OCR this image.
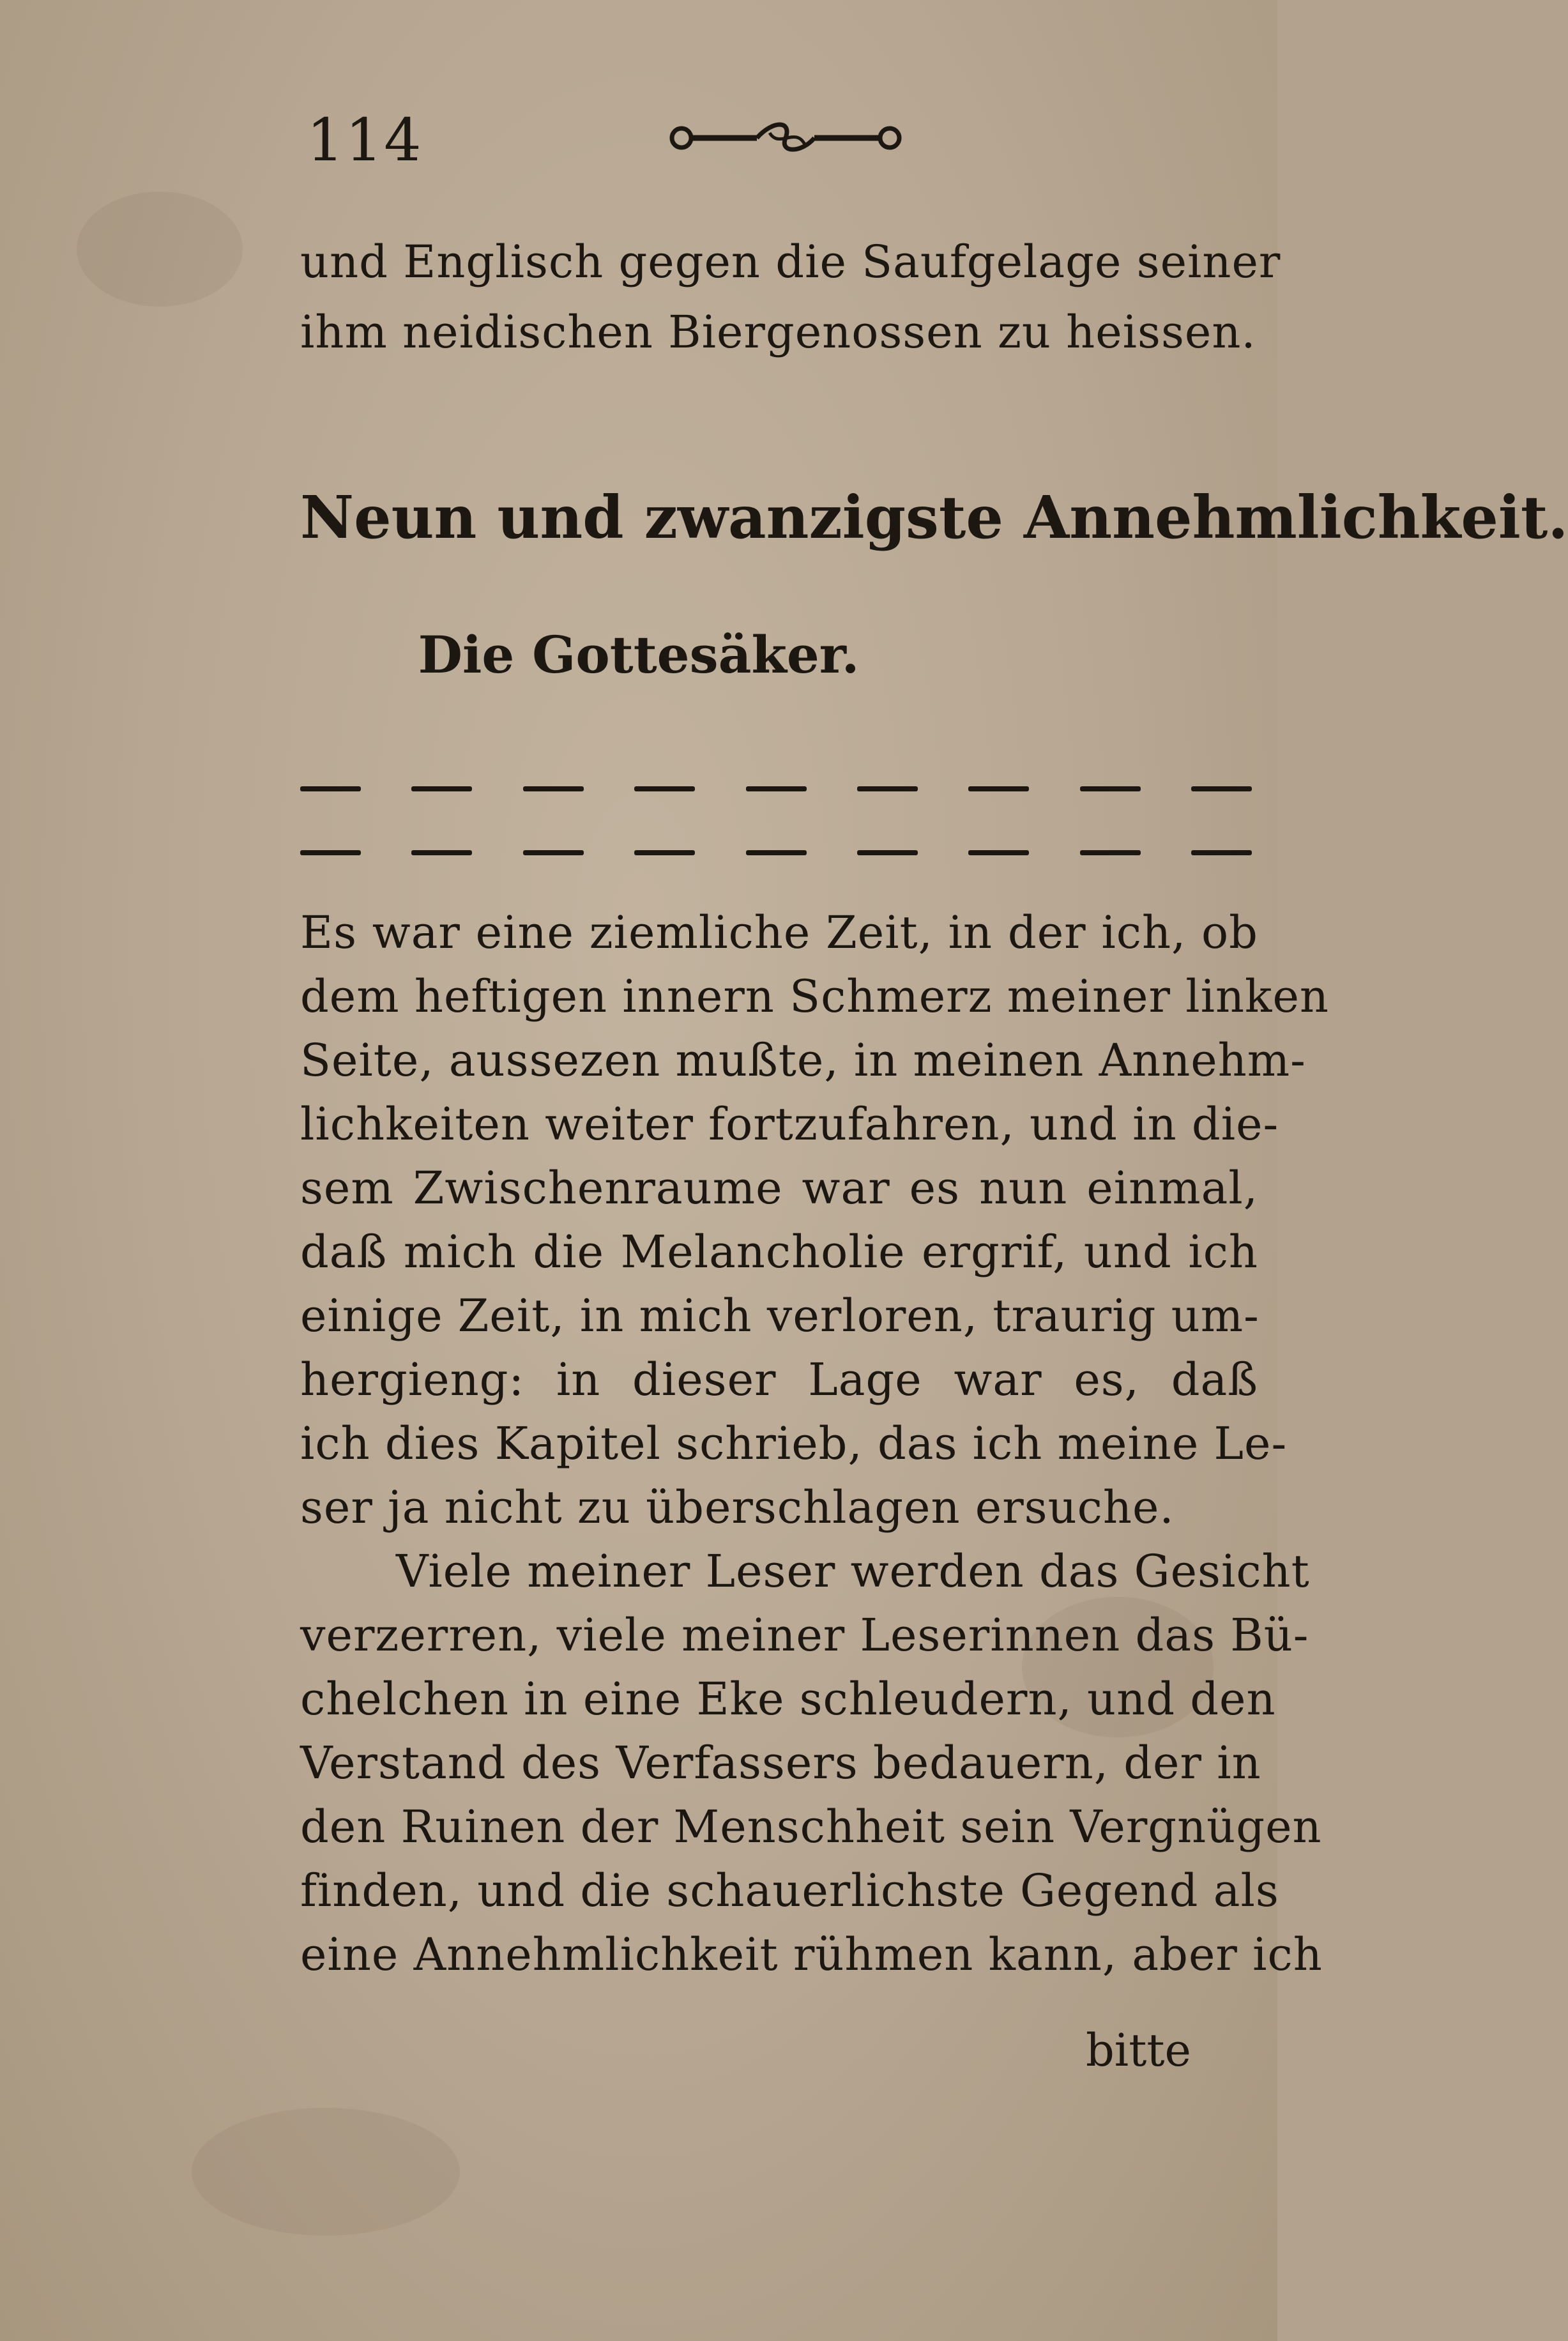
114
und Englisch gegen die Saufgelage seiner
ihm neidischen Biergenossen zu heissen.
Neun und zwanzigste Annehmlichkeit.
Die Gottesäker.
Es war eine ziemliche Zeit, in der ich, ob
dem heftigen innern Schmerz meiner linken
Seite, aussezen mußte, in meinen Annehm-
lichkeiten weiter fortzufahren, und in die-
sem Zwischenraume war es nun einmal,
daß mich die Melancholie ergrif, und ich
einige Zeit, in mich verloren, traurig um-
hergieng: in dieser Lage war es, daß
ich dies Kapitel schrieb, das ich meine Le-
ser ja nicht zu überschlagen ersuche.
Viele meiner Leser werden das Gesicht
verzerren, viele meiner Leserinnen das Bü-
chelchen in eine Eke schleudern, und den
Verstand des Verfassers bedauern, der in
den Ruinen der Menschheit sein Vergnügen
finden, und die schauerlichste Gegend als
eine Annehmlichkeit rühmen kann, aber ich
bitte
